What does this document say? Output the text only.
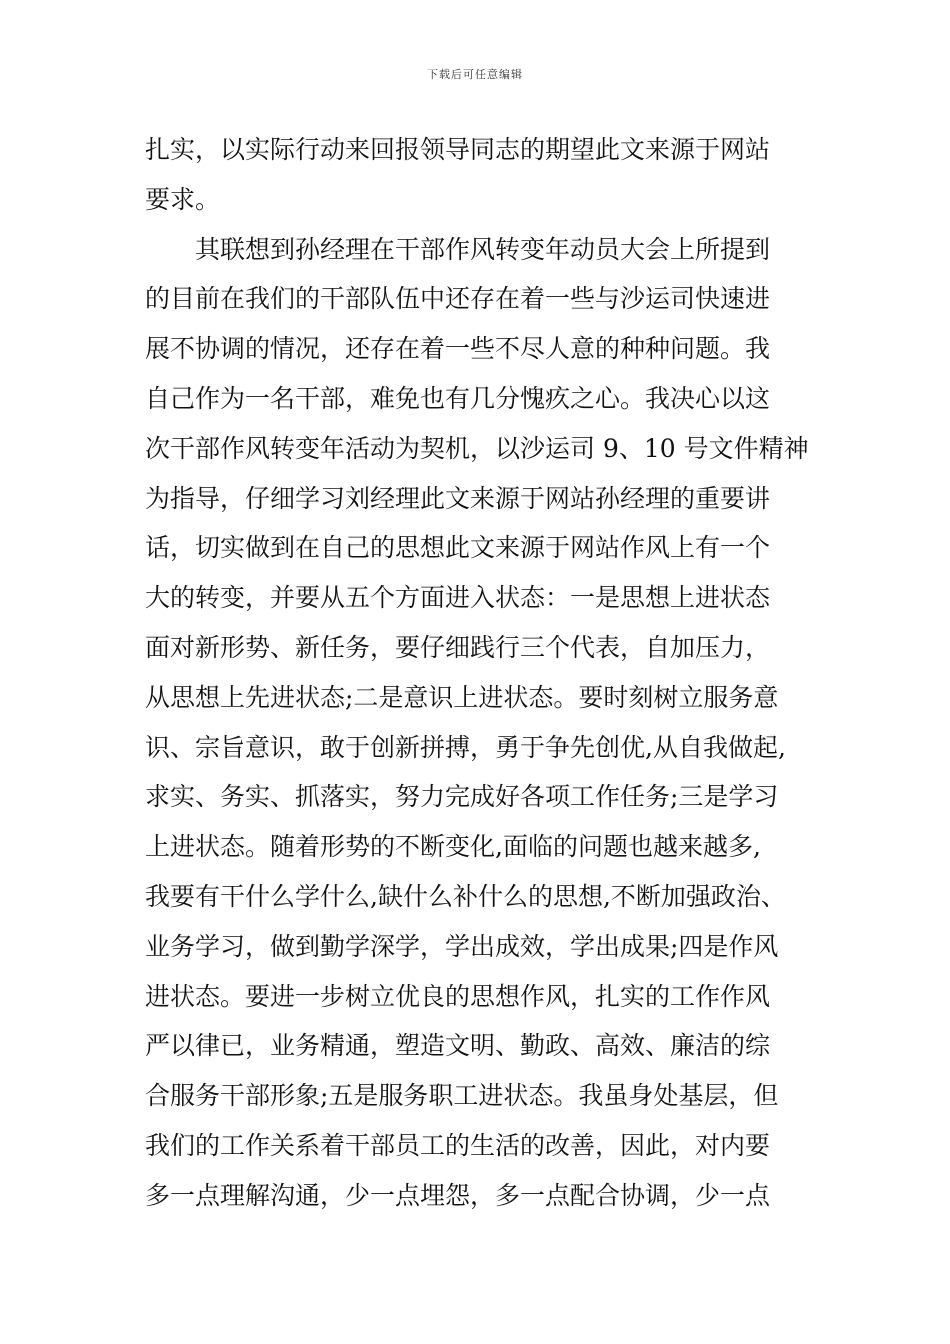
下载后可任意编辑
扎实，以实际行动来回报领导同志的期望此文来源于网站
要求。
　　其联想到孙经理在干部作风转变年动员大会上所提到
的目前在我们的干部队伍中还存在着一些与沙运司快速进
展不协调的情况，还存在着一些不尽人意的种种问题。我
自己作为一名干部，难免也有几分愧疚之心。我决心以这
次干部作风转变年活动为契机，以沙运司 9、10 号文件精神
为指导，仔细学习刘经理此文来源于网站孙经理的重要讲
话，切实做到在自己的思想此文来源于网站作风上有一个
大的转变，并要从五个方面进入状态：一是思想上进状态
面对新形势、新任务，要仔细践行三个代表，自加压力，
从思想上先进状态;二是意识上进状态。要时刻树立服务意
识、宗旨意识，敢于创新拼搏，勇于争先创优,从自我做起,
求实、务实、抓落实，努力完成好各项工作任务;三是学习
上进状态。随着形势的不断变化,面临的问题也越来越多,
我要有干什么学什么,缺什么补什么的思想,不断加强政治、
业务学习，做到勤学深学，学出成效，学出成果;四是作风
进状态。要进一步树立优良的思想作风，扎实的工作作风
严以律已，业务精通，塑造文明、勤政、高效、廉洁的综
合服务干部形象;五是服务职工进状态。我虽身处基层，但
我们的工作关系着干部员工的生活的改善，因此，对内要
多一点理解沟通，少一点埋怨，多一点配合协调，少一点
